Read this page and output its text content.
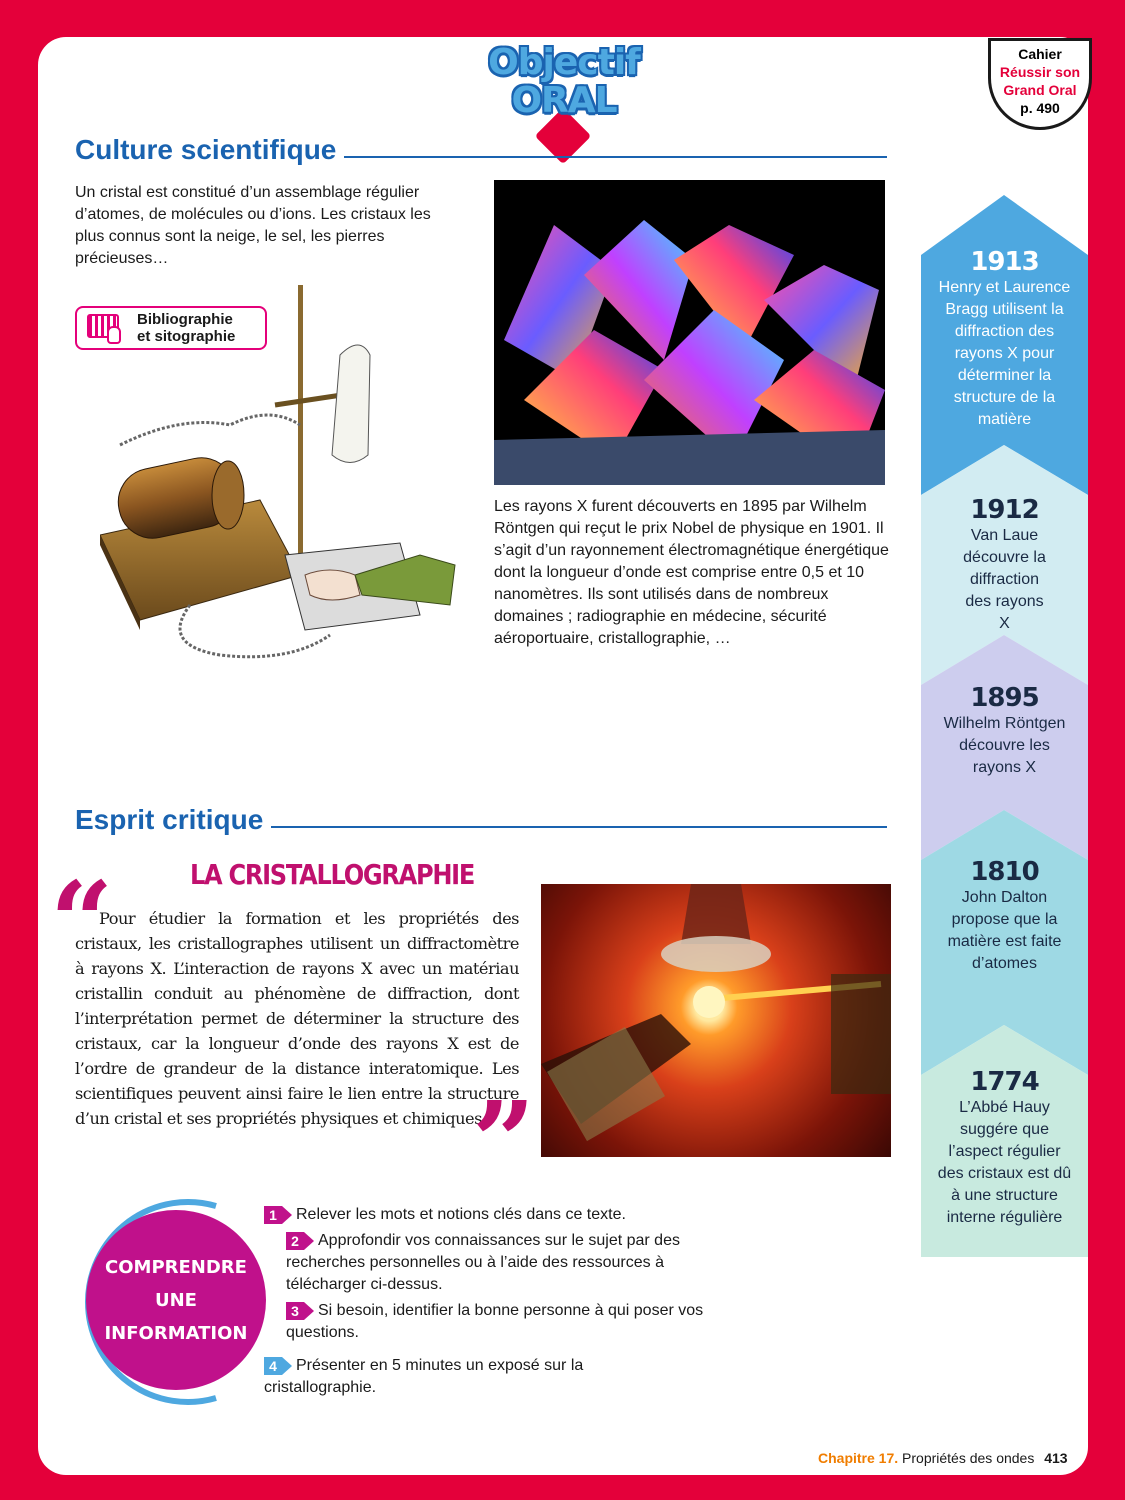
Objectif
ORAL
Cahier
Réussir son
Grand Oral
p. 490
Culture scientifique
Un cristal est constitué d’un assemblage régulier d’atomes, de molécules ou d’ions. Les cristaux les plus connus sont la neige, le sel, les pierres précieuses…
Bibliographie
et sitographie
Les rayons X furent découverts en 1895 par Wilhelm Röntgen qui reçut le prix Nobel de physique en 1901. Il s’agit d’un rayonnement électromagnétique énergétique dont la longueur d’onde est comprise entre 0,5 et 10 nanomètres. Ils sont utilisés dans de nombreux domaines ; radiographie en médecine, sécurité aéroportuaire, cristallographie, …
1913
Henry et Laurence Bragg utilisent la diffraction des rayons X pour déterminer la structure de la matière
1912
Van Laue découvre la diffraction des rayons X
1895
Wilhelm Röntgen découvre les rayons X
1810
John Dalton propose que la matière est faite d’atomes
1774
L’Abbé Hauy suggére que l’aspect régulier des cristaux est dû à une structure interne régulière
Esprit critique
LA CRISTALLOGRAPHIE
“
Pour étudier la formation et les propriétés des cristaux, les cristallographes utilisent un diffractomètre à rayons X. L’interaction de rayons X avec un matériau cristallin conduit au phénomène de diffraction, dont l’interprétation permet de déterminer la structure des cristaux, car la longueur d’onde des rayons X est de l’ordre de grandeur de la distance interatomique. Les scientifiques peuvent ainsi faire le lien entre la structure d’un cristal et ses propriétés physiques et chimiques.
”
COMPRENDRE
UNE
INFORMATION
1	Relever les mots et notions clés dans ce texte.
2	Approfondir vos connaissances sur le sujet par des recherches personnelles ou à l’aide des ressources à télécharger ci-dessus.
3	Si besoin, identifier la bonne personne à qui poser vos questions.
4	Présenter en 5 minutes un exposé sur la cristallographie.
Chapitre 17. Propriétés des ondes 413
